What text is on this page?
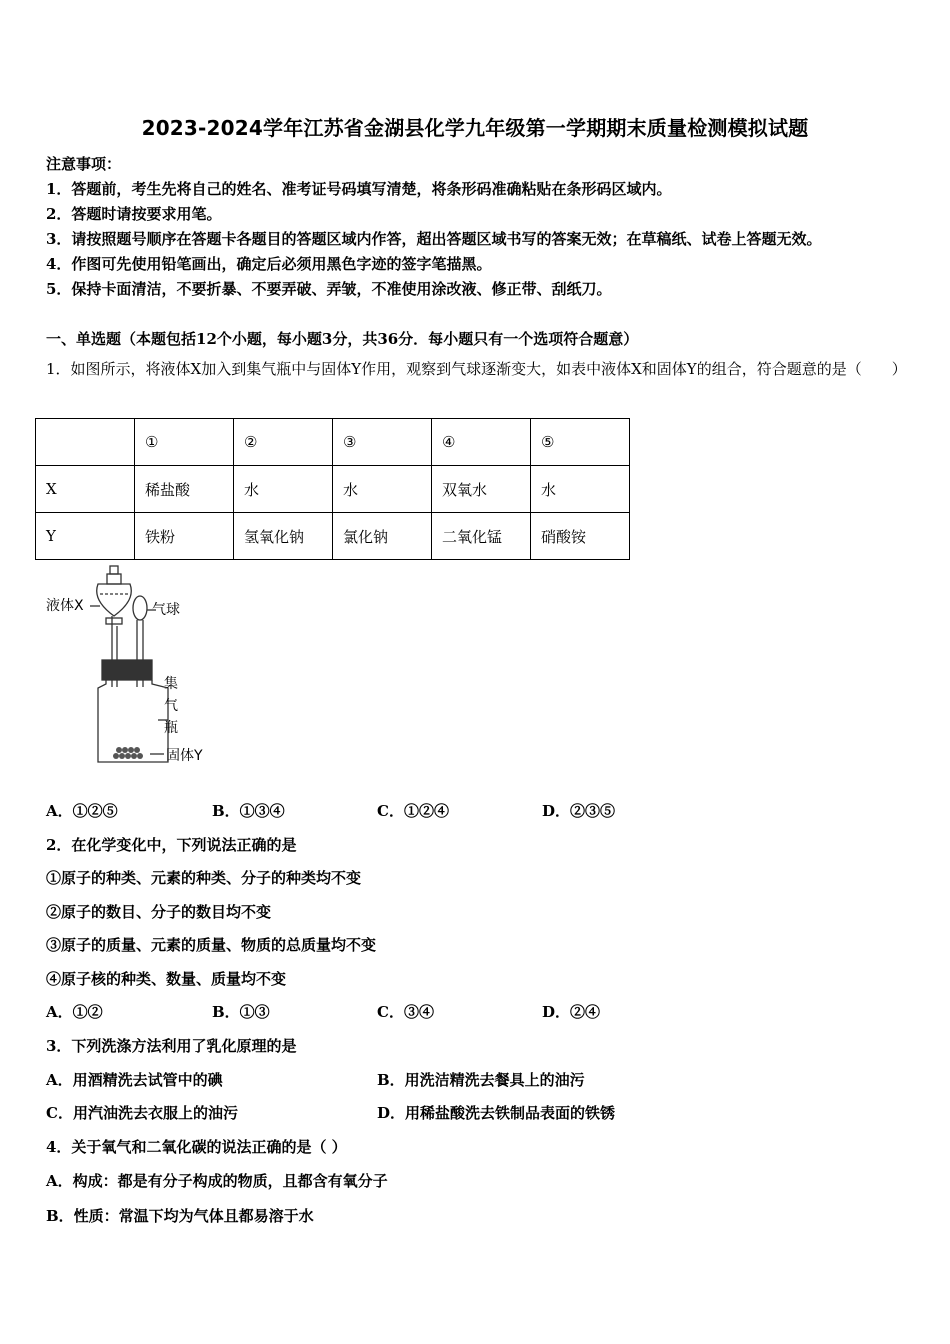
2023-2024学年江苏省金湖县化学九年级第一学期期末质量检测模拟试题
注意事项：
1．答题前，考生先将自己的姓名、准考证号码填写清楚，将条形码准确粘贴在条形码区域内。
2．答题时请按要求用笔。
3．请按照题号顺序在答题卡各题目的答题区域内作答，超出答题区域书写的答案无效；在草稿纸、试卷上答题无效。
4．作图可先使用铅笔画出，确定后必须用黑色字迹的签字笔描黑。
5．保持卡面清洁，不要折暴、不要弄破、弄皱，不准使用涂改液、修正带、刮纸刀。
一、单选题（本题包括12个小题，每小题3分，共36分．每小题只有一个选项符合题意）
1．如图所示，将液体X加入到集气瓶中与固体Y作用，观察到气球逐渐变大，如表中液体X和固体Y的组合，符合题意的是（　　）
	①	②	③	④	⑤
X	稀盐酸	水	水	双氧水	水
Y	铁粉	氢氧化钠	氯化钠	二氧化锰	硝酸铵
液体X	气球
集
气
瓶
固体Y
A．①②⑤	B．①③④	C．①②④	D．②③⑤
2．在化学变化中，下列说法正确的是
①原子的种类、元素的种类、分子的种类均不变
②原子的数目、分子的数目均不变
③原子的质量、元素的质量、物质的总质量均不变
④原子核的种类、数量、质量均不变
A．①②	B．①③	C．③④	D．②④
3．下列洗涤方法利用了乳化原理的是
A．用酒精洗去试管中的碘	B．用洗洁精洗去餐具上的油污
C．用汽油洗去衣服上的油污	D．用稀盐酸洗去铁制品表面的铁锈
4．关于氧气和二氧化碳的说法正确的是（ ）
A．构成：都是有分子构成的物质，且都含有氧分子
B．性质：常温下均为气体且都易溶于水
